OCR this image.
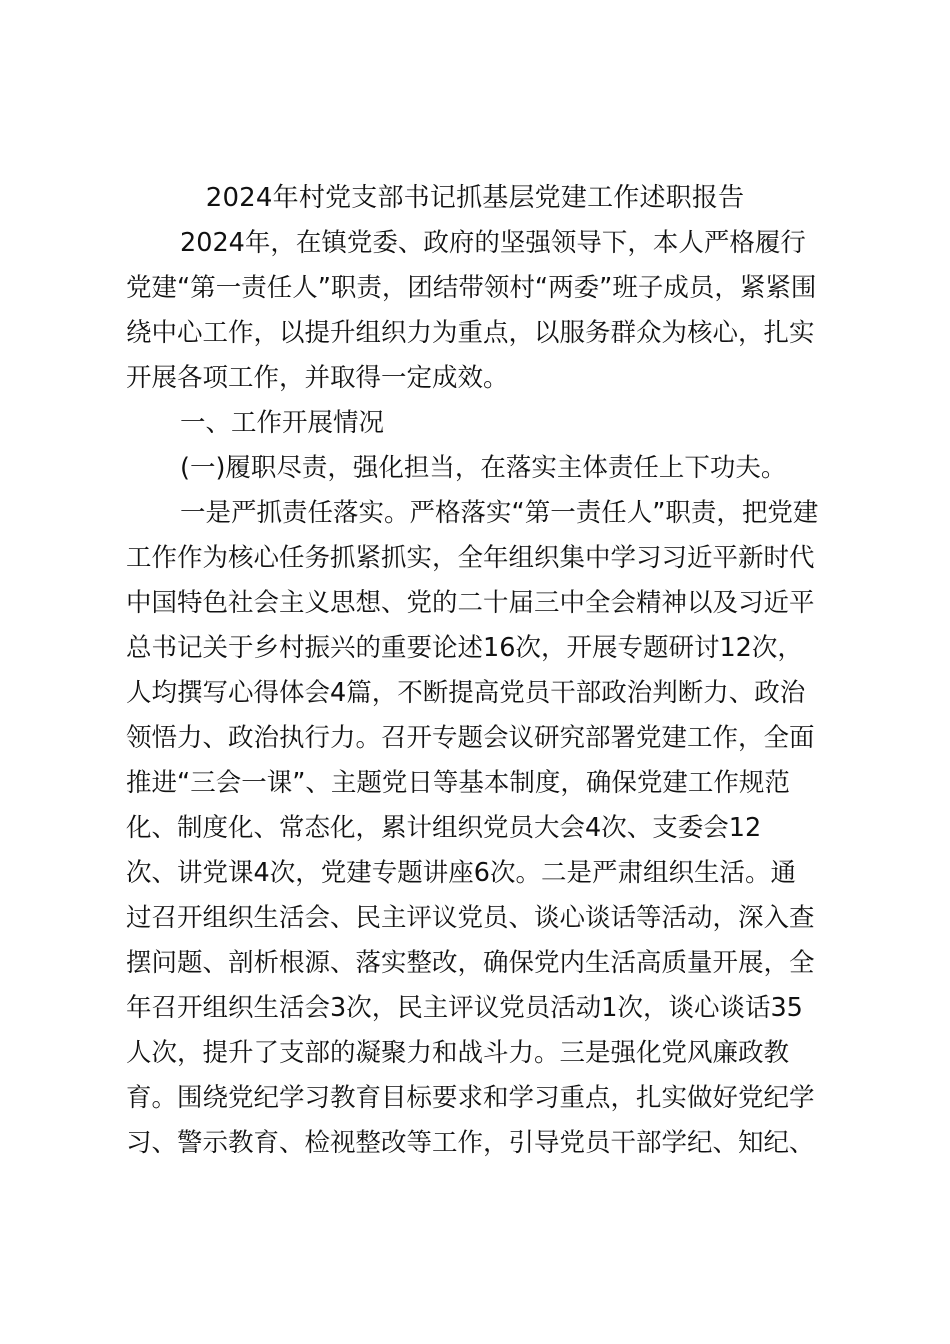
2024年村党支部书记抓基层党建工作述职报告
2024年，在镇党委、政府的坚强领导下，本人严格履行
党建“第一责任人”职责，团结带领村“两委”班子成员，紧紧围
绕中心工作，以提升组织力为重点，以服务群众为核心，扎实
开展各项工作，并取得一定成效。
一、工作开展情况
(一)履职尽责，强化担当，在落实主体责任上下功夫。
一是严抓责任落实。严格落实“第一责任人”职责，把党建
工作作为核心任务抓紧抓实，全年组织集中学习习近平新时代
中国特色社会主义思想、党的二十届三中全会精神以及习近平
总书记关于乡村振兴的重要论述16次，开展专题研讨12次，
人均撰写心得体会4篇，不断提高党员干部政治判断力、政治
领悟力、政治执行力。召开专题会议研究部署党建工作，全面
推进“三会一课”、主题党日等基本制度，确保党建工作规范
化、制度化、常态化，累计组织党员大会4次、支委会12
次、讲党课4次，党建专题讲座6次。二是严肃组织生活。通
过召开组织生活会、民主评议党员、谈心谈话等活动，深入查
摆问题、剖析根源、落实整改，确保党内生活高质量开展，全
年召开组织生活会3次，民主评议党员活动1次，谈心谈话35
人次，提升了支部的凝聚力和战斗力。三是强化党风廉政教
育。围绕党纪学习教育目标要求和学习重点，扎实做好党纪学
习、警示教育、检视整改等工作，引导党员干部学纪、知纪、
